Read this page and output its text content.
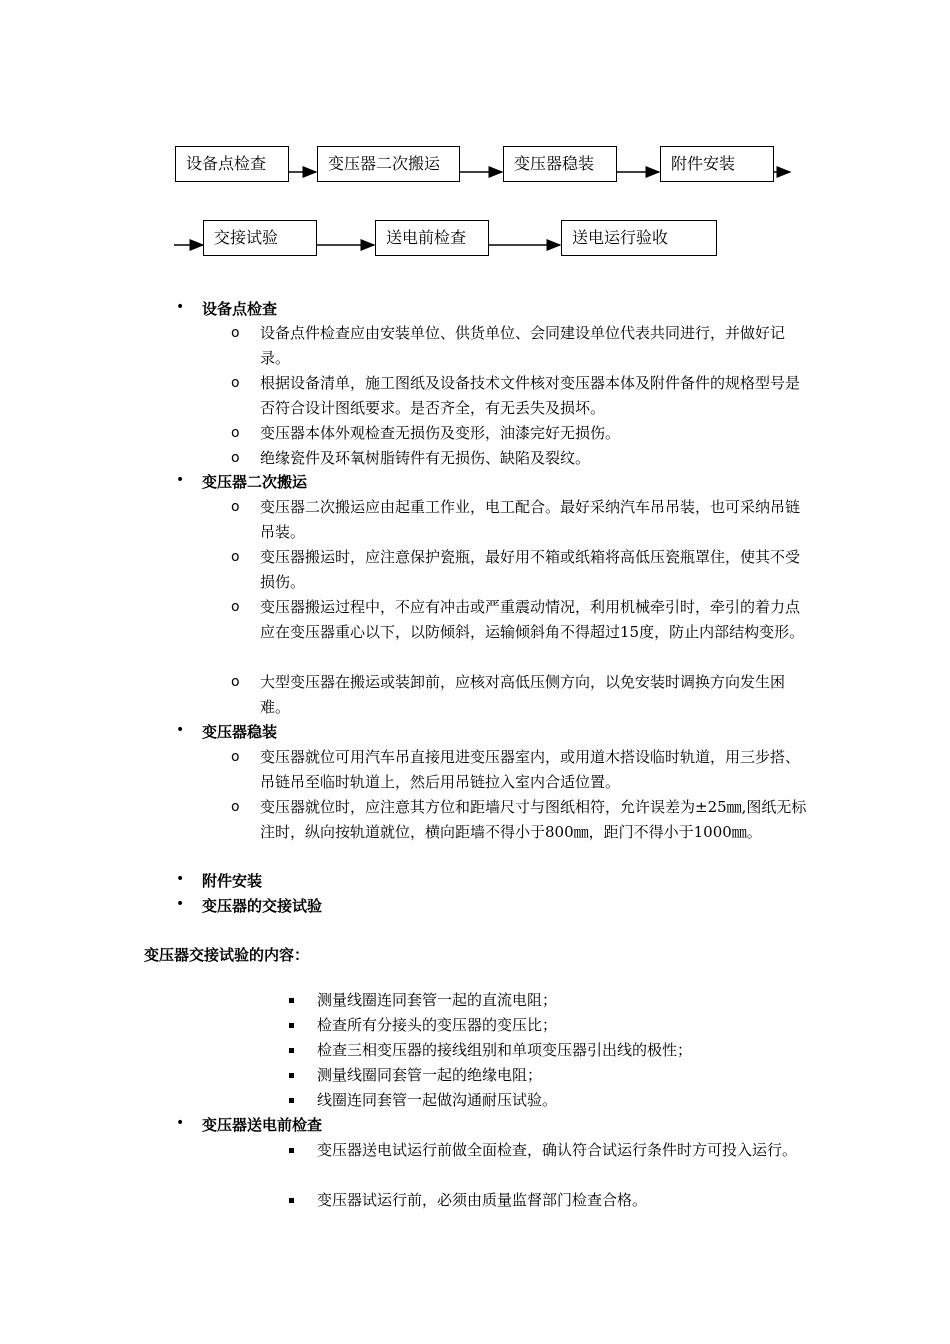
设备点检查	变压器二次搬运	变压器稳装	附件安装
交接试验	送电前检查	送电运行验收
• 设备点检查
o 设备点件检查应由安装单位、供货单位、会同建设单位代表共同进行，并做好记录。
o 根据设备清单，施工图纸及设备技术文件核对变压器本体及附件备件的规格型号是否符合设计图纸要求。是否齐全，有无丢失及损坏。
o 变压器本体外观检查无损伤及变形，油漆完好无损伤。
o 绝缘瓷件及环氧树脂铸件有无损伤、缺陷及裂纹。
• 变压器二次搬运
o 变压器二次搬运应由起重工作业，电工配合。最好采纳汽车吊吊装，也可采纳吊链吊装。
o 变压器搬运时，应注意保护瓷瓶，最好用不箱或纸箱将高低压瓷瓶罩住，使其不受损伤。
o 变压器搬运过程中，不应有冲击或严重震动情况，利用机械牵引时，牵引的着力点应在变压器重心以下，以防倾斜，运输倾斜角不得超过15度，防止内部结构变形。
o 大型变压器在搬运或装卸前，应核对高低压侧方向，以免安装时调换方向发生困难。
• 变压器稳装
o 变压器就位可用汽车吊直接甩进变压器室内，或用道木搭设临时轨道，用三步搭、吊链吊至临时轨道上，然后用吊链拉入室内合适位置。
o 变压器就位时，应注意其方位和距墙尺寸与图纸相符，允许误差为±25㎜,图纸无标注时，纵向按轨道就位，横向距墙不得小于800㎜，距门不得小于1000㎜。
• 附件安装
• 变压器的交接试验
变压器交接试验的内容：
测量线圈连同套管一起的直流电阻；
检查所有分接头的变压器的变压比；
检查三相变压器的接线组别和单项变压器引出线的极性；
测量线圈同套管一起的绝缘电阻；
线圈连同套管一起做沟通耐压试验。
• 变压器送电前检查
变压器送电试运行前做全面检查，确认符合试运行条件时方可投入运行。
变压器试运行前，必须由质量监督部门检查合格。
